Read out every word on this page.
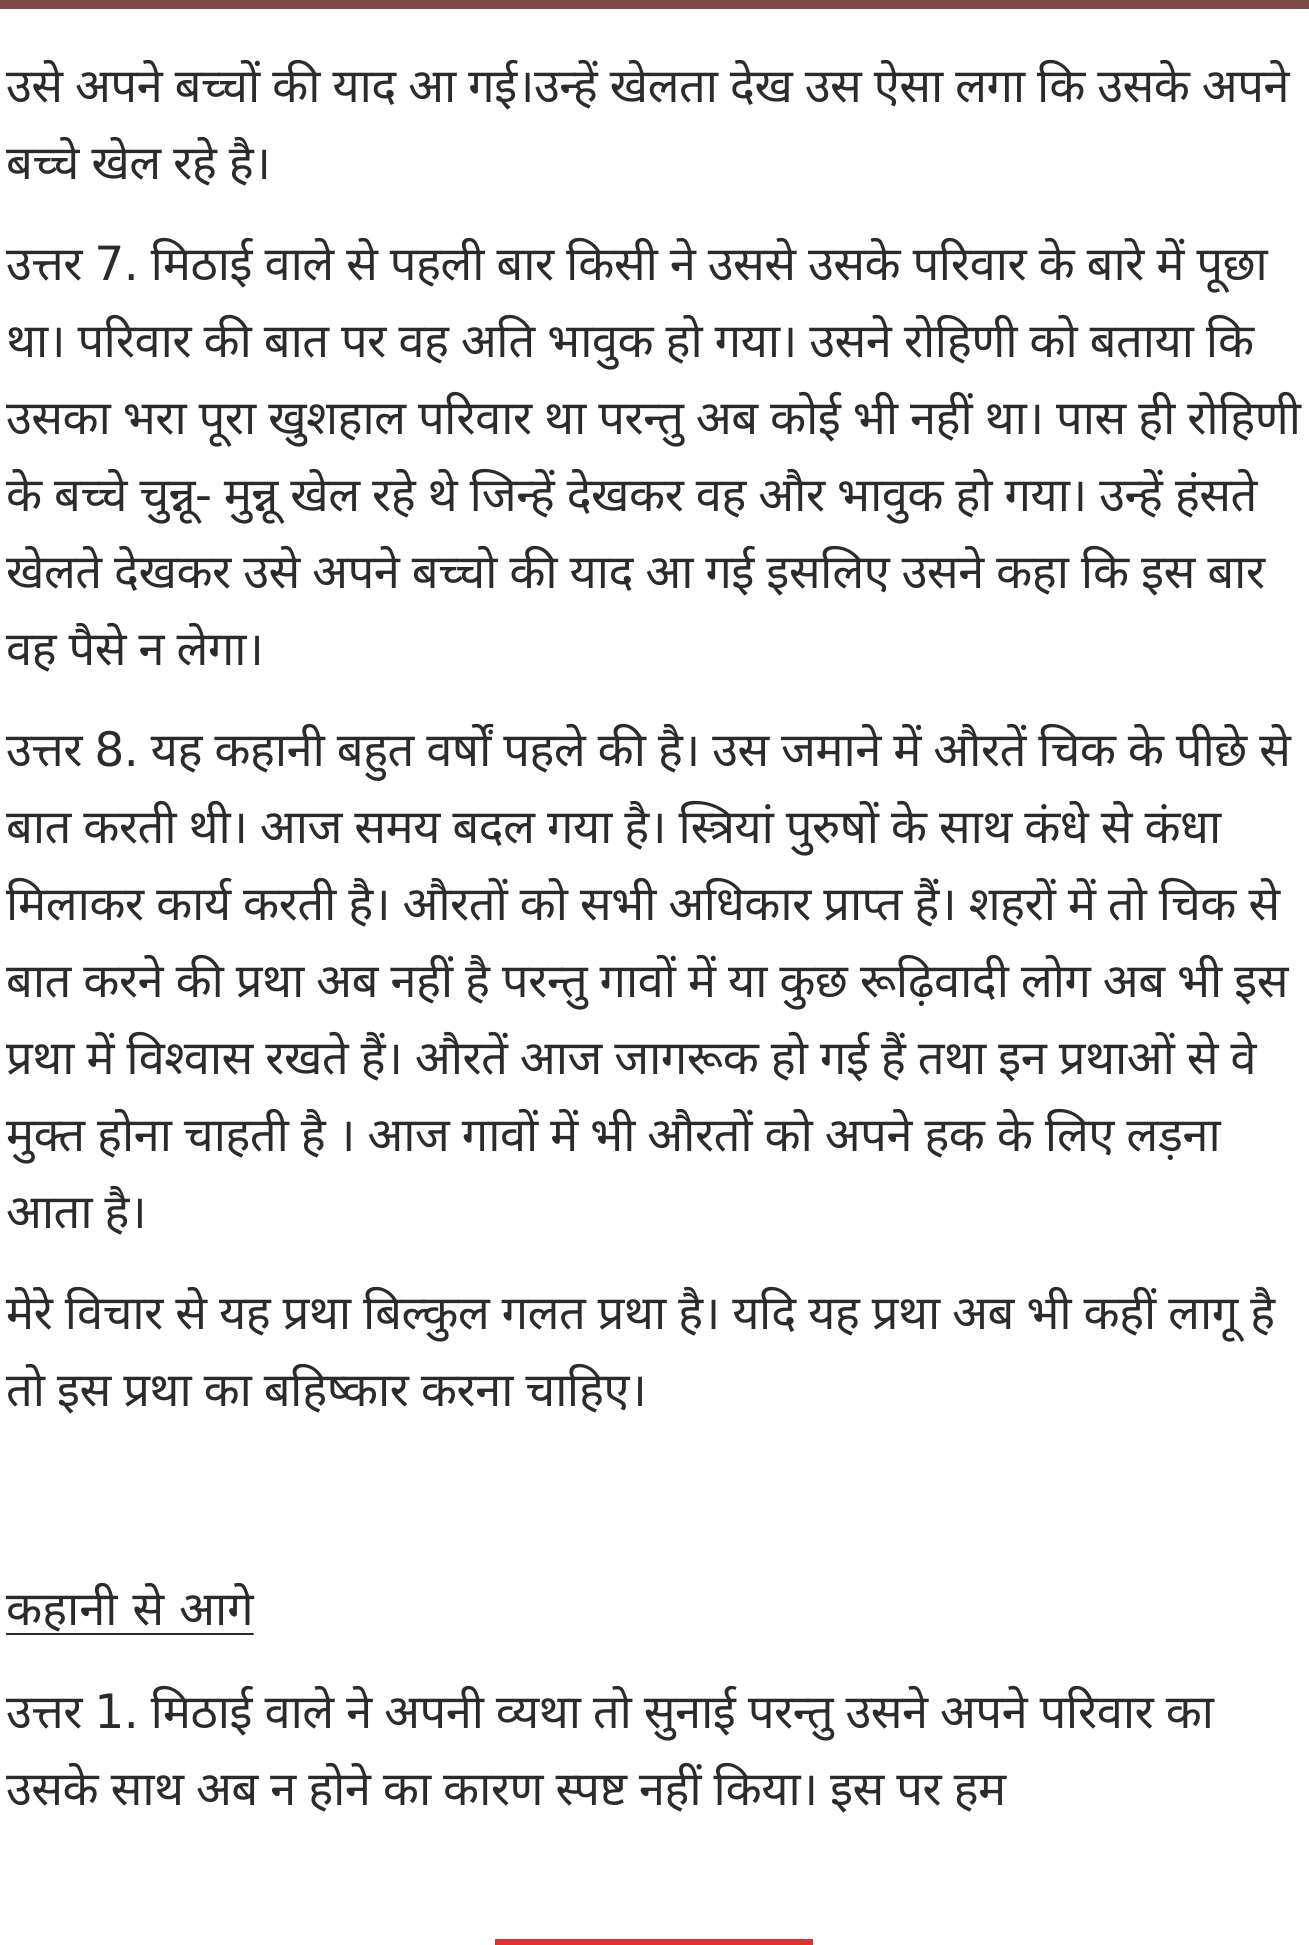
उसे अपने बच्चों की याद आ गई।उन्हें खेलता देख उस ऐसा लगा कि उसके अपने बच्चे खेल रहे है।

उत्तर 7. मिठाई वाले से पहली बार किसी ने उससे उसके परिवार के बारे में पूछा था। परिवार की बात पर वह अति भावुक हो गया। उसने रोहिणी को बताया कि उसका भरा पूरा खुशहाल परिवार था परन्तु अब कोई भी नहीं था। पास ही रोहिणी के बच्चे चुन्नू- मुन्नू खेल रहे थे जिन्हें देखकर वह और भावुक हो गया। उन्हें हंसते खेलते देखकर उसे अपने बच्चो की याद आ गई इसलिए उसने कहा कि इस बार वह पैसे न लेगा।

उत्तर 8. यह कहानी बहुत वर्षों पहले की है। उस जमाने में औरतें चिक के पीछे से बात करती थी। आज समय बदल गया है। स्त्रियां पुरुषों के साथ कंधे से कंधा मिलाकर कार्य करती है। औरतों को सभी अधिकार प्राप्त हैं। शहरों में तो चिक से बात करने की प्रथा अब नहीं है परन्तु गावों में या कुछ रूढ़िवादी लोग अब भी इस प्रथा में विश्वास रखते हैं। औरतें आज जागरूक हो गई हैं तथा इन प्रथाओं से वे मुक्त होना चाहती है । आज गावों में भी औरतों को अपने हक के लिए लड़ना आता है।

मेरे विचार से यह प्रथा बिल्कुल गलत प्रथा है। यदि यह प्रथा अब भी कहीं लागू है तो इस प्रथा का बहिष्कार करना चाहिए।

कहानी से आगे

उत्तर 1. मिठाई वाले ने अपनी व्यथा तो सुनाई परन्तु उसने अपने परिवार का उसके साथ अब न होने का कारण स्पष्ट नहीं किया। इस पर हम
